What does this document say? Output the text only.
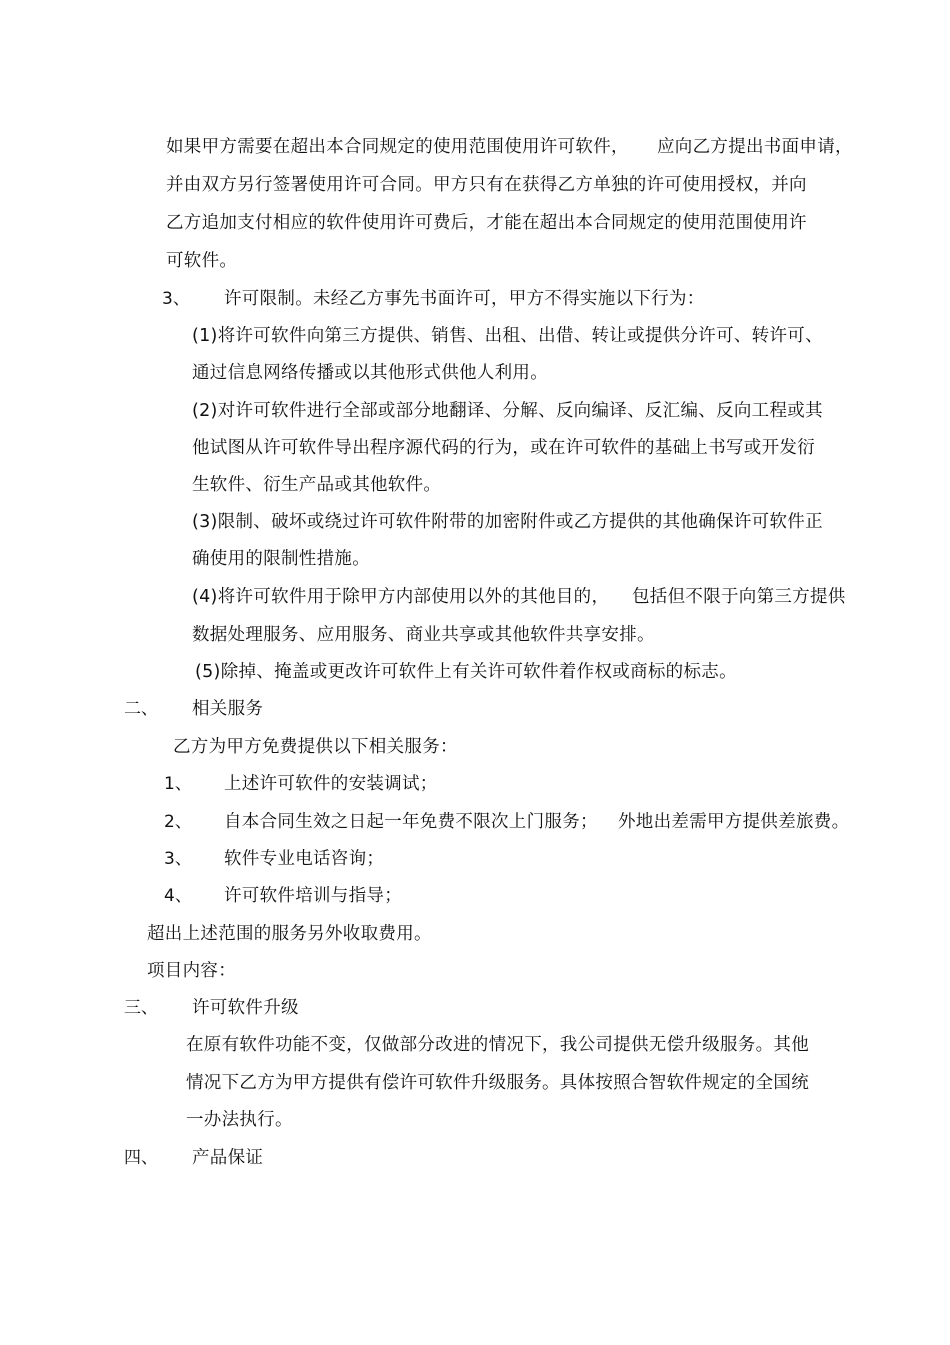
如果甲方需要在超出本合同规定的使用范围使用许可软件， 应向乙方提出书面申请，
并由双方另行签署使用许可合同。甲方只有在获得乙方单独的许可使用授权，并向
乙方追加支付相应的软件使用许可费后，才能在超出本合同规定的使用范围使用许
可软件。
3、 许可限制。未经乙方事先书面许可，甲方不得实施以下行为：
(1)将许可软件向第三方提供、销售、出租、出借、转让或提供分许可、转许可、
通过信息网络传播或以其他形式供他人利用。
(2)对许可软件进行全部或部分地翻译、分解、反向编译、反汇编、反向工程或其
他试图从许可软件导出程序源代码的行为，或在许可软件的基础上书写或开发衍
生软件、衍生产品或其他软件。
(3)限制、破坏或绕过许可软件附带的加密附件或乙方提供的其他确保许可软件正
确使用的限制性措施。
(4)将许可软件用于除甲方内部使用以外的其他目的， 包括但不限于向第三方提供
数据处理服务、应用服务、商业共享或其他软件共享安排。
(5)除掉、掩盖或更改许可软件上有关许可软件着作权或商标的标志。
二、 相关服务
乙方为甲方免费提供以下相关服务：
1、 上述许可软件的安装调试；
2、 自本合同生效之日起一年免费不限次上门服务； 外地出差需甲方提供差旅费。
3、 软件专业电话咨询；
4、 许可软件培训与指导；
超出上述范围的服务另外收取费用。
项目内容：
三、 许可软件升级
在原有软件功能不变，仅做部分改进的情况下，我公司提供无偿升级服务。其他
情况下乙方为甲方提供有偿许可软件升级服务。具体按照合智软件规定的全国统
一办法执行。
四、 产品保证
